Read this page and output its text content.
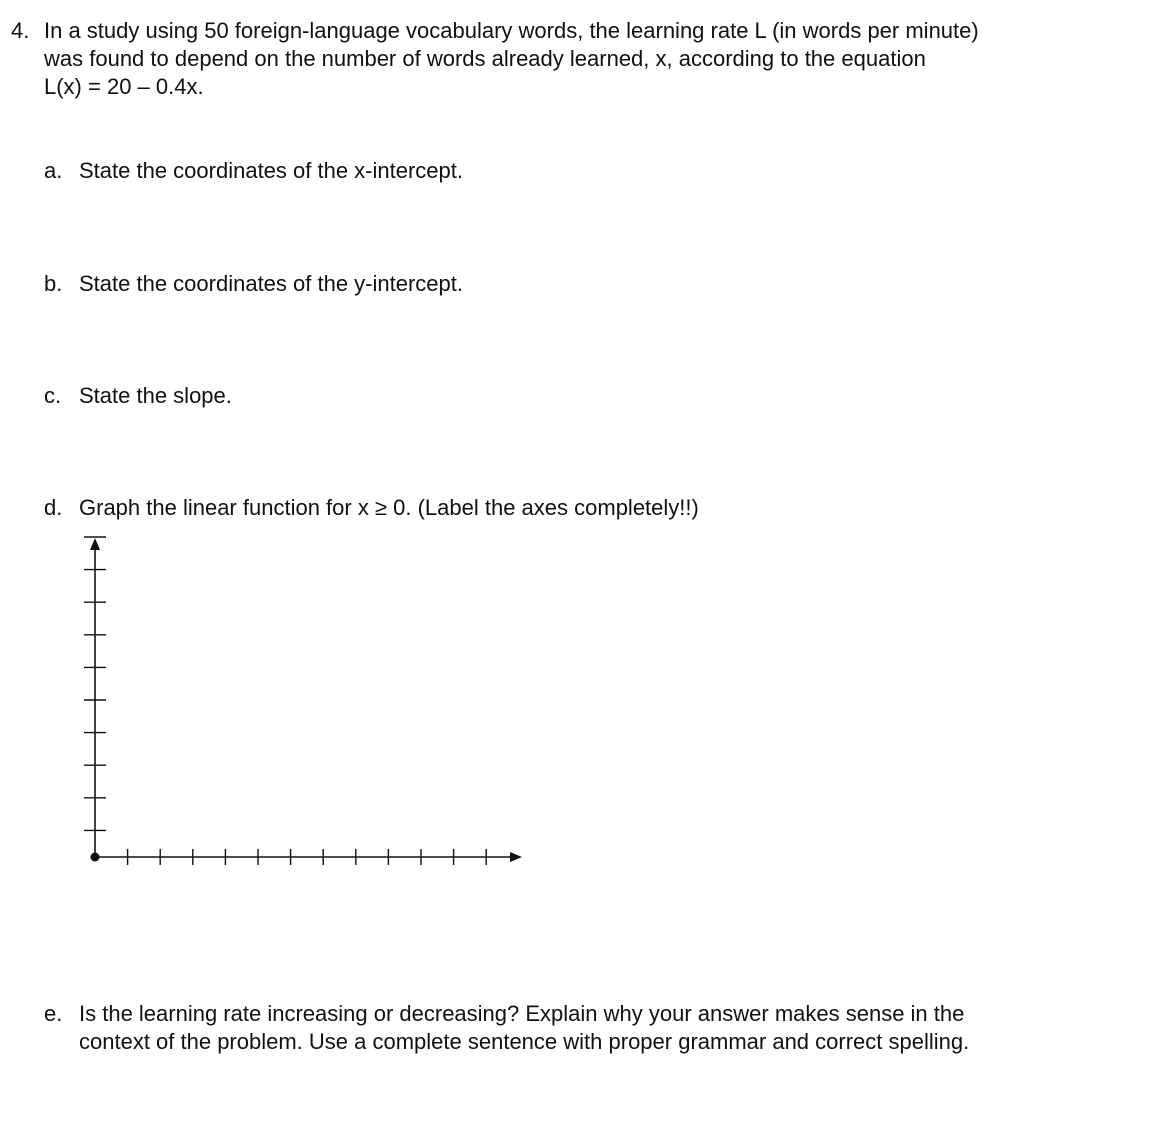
4. In a study using 50 foreign-language vocabulary words, the learning rate L (in words per minute)
was found to depend on the number of words already learned, x, according to the equation
L(x) = 20 – 0.4x.
a. State the coordinates of the x-intercept.
b. State the coordinates of the y-intercept.
c. State the slope.
d. Graph the linear function for x ≥ 0. (Label the axes completely!!)
e. Is the learning rate increasing or decreasing? Explain why your answer makes sense in the
context of the problem. Use a complete sentence with proper grammar and correct spelling.
